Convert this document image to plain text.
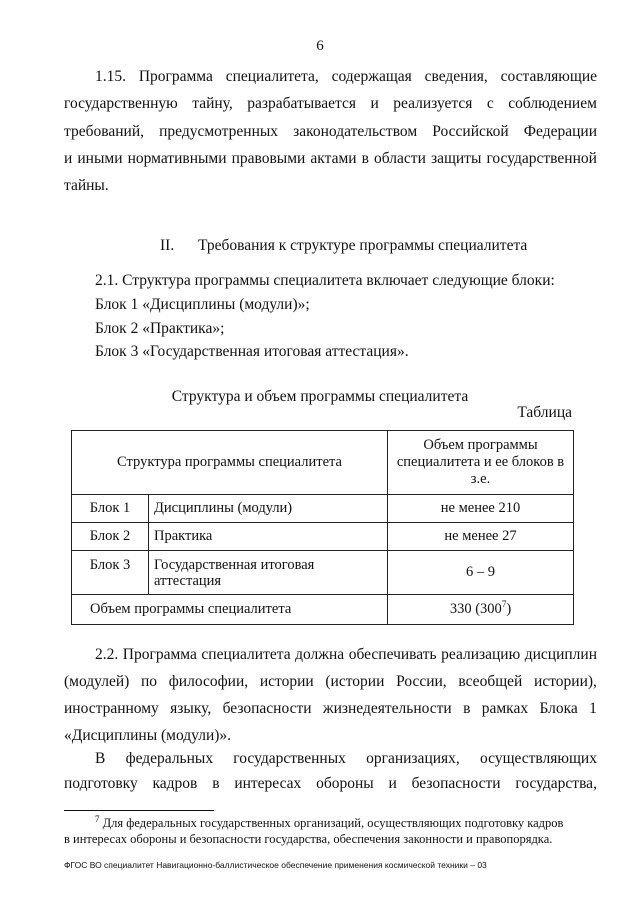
6
1.15. Программа специалитета, содержащая сведения, составляющие
государственную тайну, разрабатывается и реализуется с соблюдением
требований, предусмотренных законодательством Российской Федерации
и иными нормативными правовыми актами в области защиты государственной
тайны.
II. Требования к структуре программы специалитета
2.1. Структура программы специалитета включает следующие блоки:
Блок 1 «Дисциплины (модули)»;
Блок 2 «Практика»;
Блок 3 «Государственная итоговая аттестация».
Структура и объем программы специалитета
Таблица
Структура программы специалитета		Объем программы специалитета и ее блоков в з.е.
Блок 1	Дисциплины (модули)	не менее 210
Блок 2	Практика	не менее 27
Блок 3	Государственная итоговая аттестация	6 – 9
Объем программы специалитета		330 $(300^7)$
2.2. Программа специалитета должна обеспечивать реализацию дисциплин
(модулей) по философии, истории (истории России, всеобщей истории),
иностранному языку, безопасности жизнедеятельности в рамках Блока 1
«Дисциплины (модули)».
В федеральных государственных организациях, осуществляющих
подготовку кадров в интересах обороны и безопасности государства,
$^7$ Для федеральных государственных организаций, осуществляющих подготовку кадров
в интересах обороны и безопасности государства, обеспечения законности и правопорядка.
ФГОС ВО специалитет Навигационно-баллистическое обеспечение применения космической техники – 03
